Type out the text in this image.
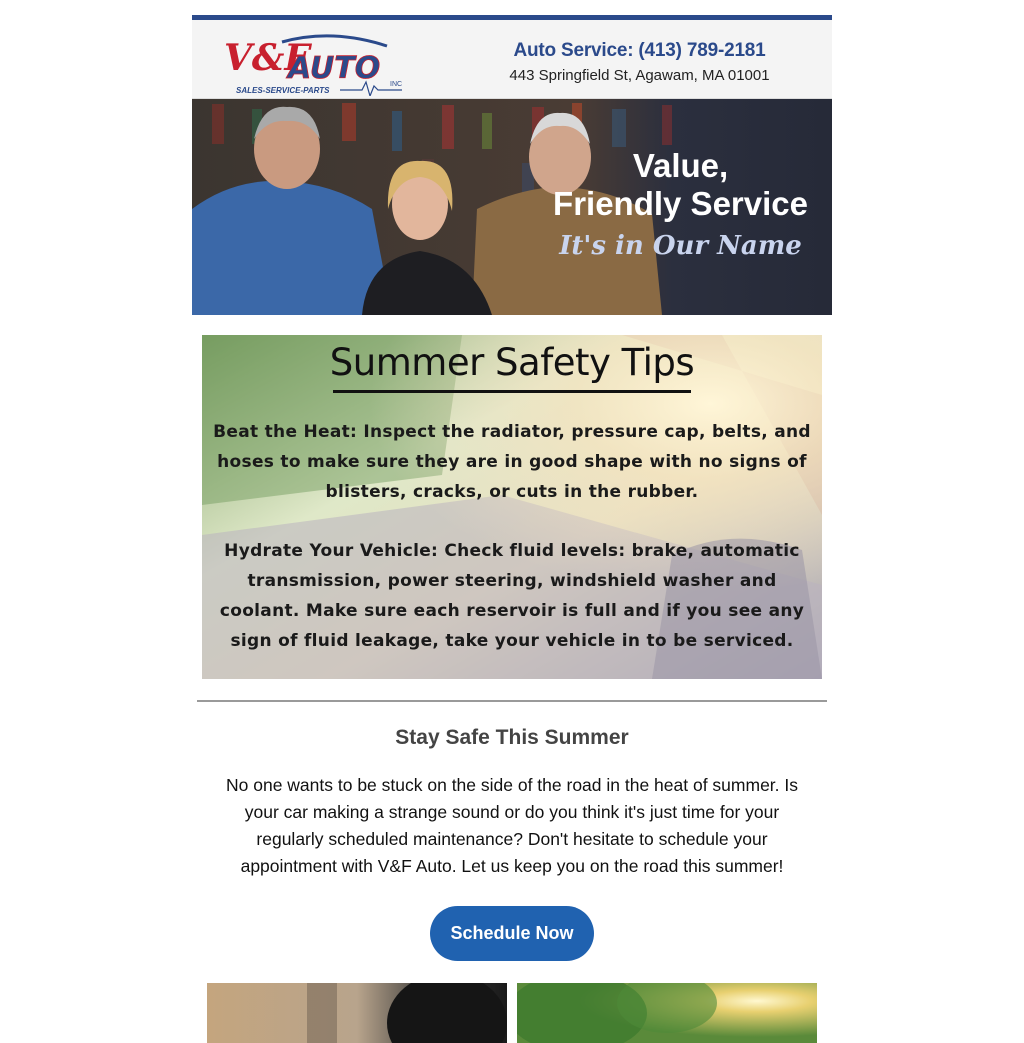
V&F
AUTO INC
SALES-SERVICE-PARTS
Auto Service: (413) 789-2181
443 Springfield St, Agawam, MA 01001
Value,
Friendly Service
It's in Our Name
Summer Safety Tips
Beat the Heat: Inspect the radiator, pressure cap, belts, and hoses to make sure they are in good shape with no signs of blisters, cracks, or cuts in the rubber.
Hydrate Your Vehicle: Check fluid levels: brake, automatic transmission, power steering, windshield washer and coolant. Make sure each reservoir is full and if you see any sign of fluid leakage, take your vehicle in to be serviced.
Stay Safe This Summer
No one wants to be stuck on the side of the road in the heat of summer. Is your car making a strange sound or do you think it's just time for your regularly scheduled maintenance? Don't hesitate to schedule your appointment with V&F Auto. Let us keep you on the road this summer!
Schedule Now
